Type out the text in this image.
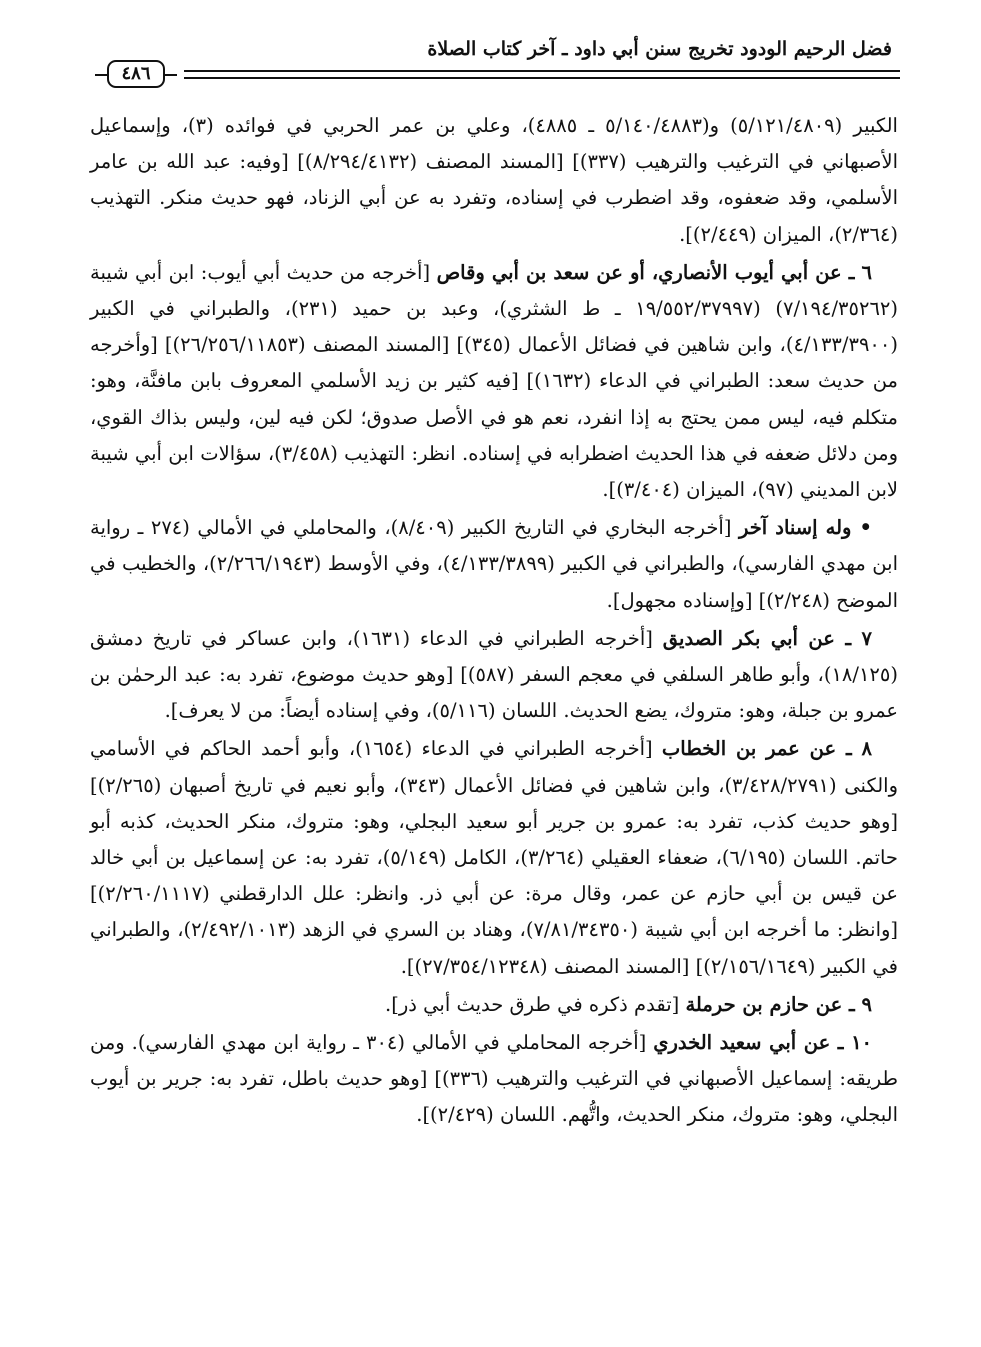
فضل الرحيم الودود تخريج سنن أبي داود ـ آخر كتاب الصلاة
٤٨٦

الكبير (٥/١٢١/٤٨٠٩) و(٥/١٤٠/٤٨٨٣ ـ ٤٨٨٥)، وعلي بن عمر الحربي في فوائده (٣)، وإسماعيل الأصبهاني في الترغيب والترهيب (٣٣٧)] [المسند المصنف (٨/٢٩٤/٤١٣٢)] [وفيه: عبد الله بن عامر الأسلمي، وقد ضعفوه، وقد اضطرب في إسناده، وتفرد به عن أبي الزناد، فهو حديث منكر. التهذيب (٢/٣٦٤)، الميزان (٢/٤٤٩)].

٦ ـ عن أبي أيوب الأنصاري، أو عن سعد بن أبي وقاص [أخرجه من حديث أبي أيوب: ابن أبي شيبة (٧/١٩٤/٣٥٢٦٢) (١٩/٥٥٢/٣٧٩٩٧ ـ ط الشثري)، وعبد بن حميد (٢٣١)، والطبراني في الكبير (٤/١٣٣/٣٩٠٠)، وابن شاهين في فضائل الأعمال (٣٤٥)] [المسند المصنف (٢٦/٢٥٦/١١٨٥٣)] [وأخرجه من حديث سعد: الطبراني في الدعاء (١٦٣٢)] [فيه كثير بن زيد الأسلمي المعروف بابن مافنَّة، وهو: متكلم فيه، ليس ممن يحتج به إذا انفرد، نعم هو في الأصل صدوق؛ لكن فيه لين، وليس بذاك القوي، ومن دلائل ضعفه في هذا الحديث اضطرابه في إسناده. انظر: التهذيب (٣/٤٥٨)، سؤالات ابن أبي شيبة لابن المديني (٩٧)، الميزان (٣/٤٠٤)].

• وله إسناد آخر [أخرجه البخاري في التاريخ الكبير (٨/٤٠٩)، والمحاملي في الأمالي (٢٧٤ ـ رواية ابن مهدي الفارسي)، والطبراني في الكبير (٤/١٣٣/٣٨٩٩)، وفي الأوسط (٢/٢٦٦/١٩٤٣)، والخطيب في الموضح (٢/٢٤٨)] [وإسناده مجهول].

٧ ـ عن أبي بكر الصديق [أخرجه الطبراني في الدعاء (١٦٣١)، وابن عساكر في تاريخ دمشق (١٨/١٢٥)، وأبو طاهر السلفي في معجم السفر (٥٨٧)] [وهو حديث موضوع، تفرد به: عبد الرحمٰن بن عمرو بن جبلة، وهو: متروك، يضع الحديث. اللسان (٥/١١٦)، وفي إسناده أيضاً: من لا يعرف].

٨ ـ عن عمر بن الخطاب [أخرجه الطبراني في الدعاء (١٦٥٤)، وأبو أحمد الحاكم في الأسامي والكنى (٣/٤٢٨/٢٧٩١)، وابن شاهين في فضائل الأعمال (٣٤٣)، وأبو نعيم في تاريخ أصبهان (٢/٢٦٥)] [وهو حديث كذب، تفرد به: عمرو بن جرير أبو سعيد البجلي، وهو: متروك، منكر الحديث، كذبه أبو حاتم. اللسان (٦/١٩٥)، ضعفاء العقيلي (٣/٢٦٤)، الكامل (٥/١٤٩)، تفرد به: عن إسماعيل بن أبي خالد عن قيس بن أبي حازم عن عمر، وقال مرة: عن أبي ذر. وانظر: علل الدارقطني (٢/٢٦٠/١١١٧)] [وانظر: ما أخرجه ابن أبي شيبة (٧/٨١/٣٤٣٥٠)، وهناد بن السري في الزهد (٢/٤٩٢/١٠١٣)، والطبراني في الكبير (٢/١٥٦/١٦٤٩)] [المسند المصنف (٢٧/٣٥٤/١٢٣٤٨)].

٩ ـ عن حازم بن حرملة [تقدم ذكره في طرق حديث أبي ذر].

١٠ ـ عن أبي سعيد الخدري [أخرجه المحاملي في الأمالي (٣٠٤ ـ رواية ابن مهدي الفارسي). ومن طريقه: إسماعيل الأصبهاني في الترغيب والترهيب (٣٣٦)] [وهو حديث باطل، تفرد به: جرير بن أيوب البجلي، وهو: متروك، منكر الحديث، واتُّهم. اللسان (٢/٤٢٩)].
